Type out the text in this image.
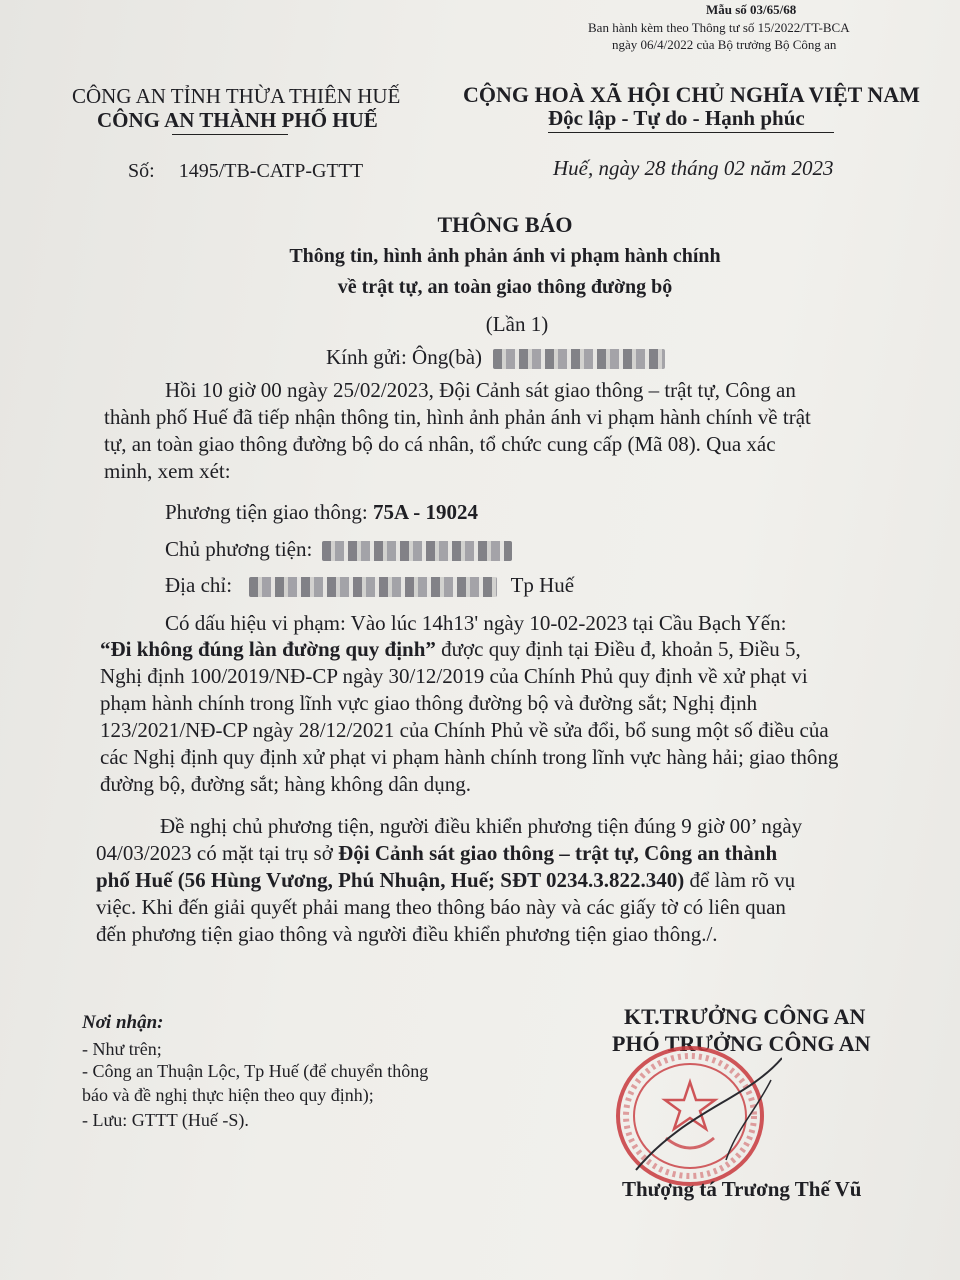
Mẫu số 03/65/68
Ban hành kèm theo Thông tư số 15/2022/TT-BCA
ngày 06/4/2022 của Bộ trưởng Bộ Công an
CÔNG AN TỈNH THỪA THIÊN HUẾ
CÔNG AN THÀNH PHỐ HUẾ
CỘNG HOÀ XÃ HỘI CHỦ NGHĨA VIỆT NAM
Độc lập - Tự do - Hạnh phúc
Số: 1495/TB-CATP-GTTT	Huế, ngày 28 tháng 02 năm 2023
THÔNG BÁO
Thông tin, hình ảnh phản ánh vi phạm hành chính
về trật tự, an toàn giao thông đường bộ
(Lần 1)
Kính gửi: Ông(bà)
Hồi 10 giờ 00 ngày 25/02/2023, Đội Cảnh sát giao thông – trật tự, Công an
thành phố Huế đã tiếp nhận thông tin, hình ảnh phản ánh vi phạm hành chính về trật
tự, an toàn giao thông đường bộ do cá nhân, tổ chức cung cấp (Mã 08). Qua xác
minh, xem xét:
Phương tiện giao thông: 75A - 19024
Chủ phương tiện:
Địa chỉ:	Tp Huế
Có dấu hiệu vi phạm: Vào lúc 14h13' ngày 10-02-2023 tại Cầu Bạch Yến:
“Đi không đúng làn đường quy định” được quy định tại Điều đ, khoản 5, Điều 5,
Nghị định 100/2019/NĐ-CP ngày 30/12/2019 của Chính Phủ quy định về xử phạt vi
phạm hành chính trong lĩnh vực giao thông đường bộ và đường sắt; Nghị định
123/2021/NĐ-CP ngày 28/12/2021 của Chính Phủ về sửa đổi, bổ sung một số điều của
các Nghị định quy định xử phạt vi phạm hành chính trong lĩnh vực hàng hải; giao thông
đường bộ, đường sắt; hàng không dân dụng.
Đề nghị chủ phương tiện, người điều khiển phương tiện đúng 9 giờ 00’ ngày
04/03/2023 có mặt tại trụ sở Đội Cảnh sát giao thông – trật tự, Công an thành
phố Huế (56 Hùng Vương, Phú Nhuận, Huế; SĐT 0234.3.822.340) để làm rõ vụ
việc. Khi đến giải quyết phải mang theo thông báo này và các giấy tờ có liên quan
đến phương tiện giao thông và người điều khiển phương tiện giao thông./.
Nơi nhận:
- Như trên;
- Công an Thuận Lộc, Tp Huế (để chuyển thông
báo và đề nghị thực hiện theo quy định);
- Lưu: GTTT (Huế -S).
KT.TRƯỞNG CÔNG AN
PHÓ TRƯỞNG CÔNG AN
Thượng tá Trương Thế Vũ
